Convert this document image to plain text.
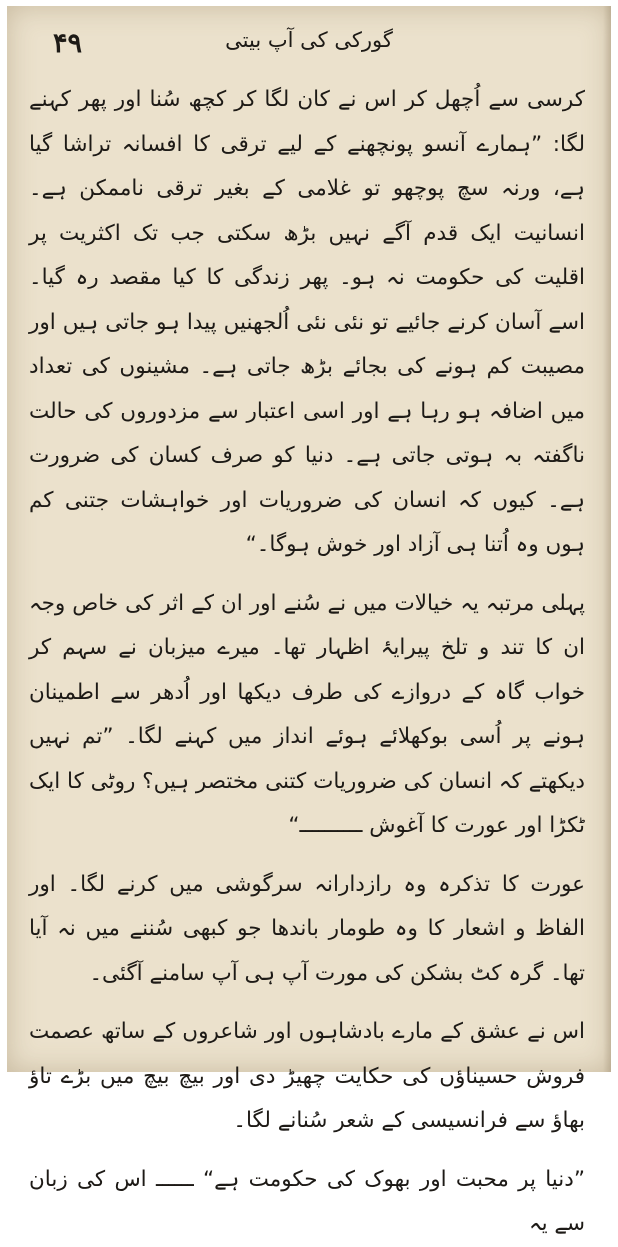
۴۹	گورکی کی آپ بیتی

کرسی سے اُچھل کر اس نے کان لگا کر کچھ سُنا اور پھر کہنے لگا: ”ہمارے آنسو پونچھنے کے لیے ترقی کا افسانہ تراشا گیا ہے، ورنہ سچ پوچھو تو غلامی کے بغیر ترقی ناممکن ہے۔ انسانیت ایک قدم آگے نہیں بڑھ سکتی جب تک اکثریت پر اقلیت کی حکومت نہ ہو۔ پھر زندگی کا کیا مقصد رہ گیا۔ اسے آسان کرنے جائیے تو نئی نئی اُلجھنیں پیدا ہو جاتی ہیں اور مصیبت کم ہونے کی بجائے بڑھ جاتی ہے۔ مشینوں کی تعداد میں اضافہ ہو رہا ہے اور اسی اعتبار سے مزدوروں کی حالت ناگفتہ بہ ہوتی جاتی ہے۔ دنیا کو صرف کسان کی ضرورت ہے۔ کیوں کہ انسان کی ضروریات اور خواہشات جتنی کم ہوں وہ اُتنا ہی آزاد اور خوش ہوگا۔“

پہلی مرتبہ یہ خیالات میں نے سُنے اور ان کے اثر کی خاص وجہ ان کا تند و تلخ پیرایۂ اظہار تھا۔ میرے میزبان نے سہم کر خواب گاہ کے دروازے کی طرف دیکھا اور اُدھر سے اطمینان ہونے پر اُسی بوکھلائے ہوئے انداز میں کہنے لگا۔ ”تم نہیں دیکھتے کہ انسان کی ضروریات کتنی مختصر ہیں؟ روٹی کا ایک ٹکڑا اور عورت کا آغوش ــــــــــ“

عورت کا تذکرہ وہ رازدارانہ سرگوشی میں کرنے لگا۔ اور الفاظ و اشعار کا وہ طومار باندھا جو کبھی سُننے میں نہ آیا تھا۔ گرہ کٹ بشکن کی مورت آپ ہی آپ سامنے آگئی۔

اس نے عشق کے مارے بادشاہوں اور شاعروں کے ساتھ عصمت فروش حسیناؤں کی حکایت چھیڑ دی اور بیچ بیچ میں بڑے تاؤ بھاؤ سے فرانسیسی کے شعر سُنانے لگا۔

”دنیا پر محبت اور بھوک کی حکومت ہے“ ــــــ اس کی زبان سے یہ
